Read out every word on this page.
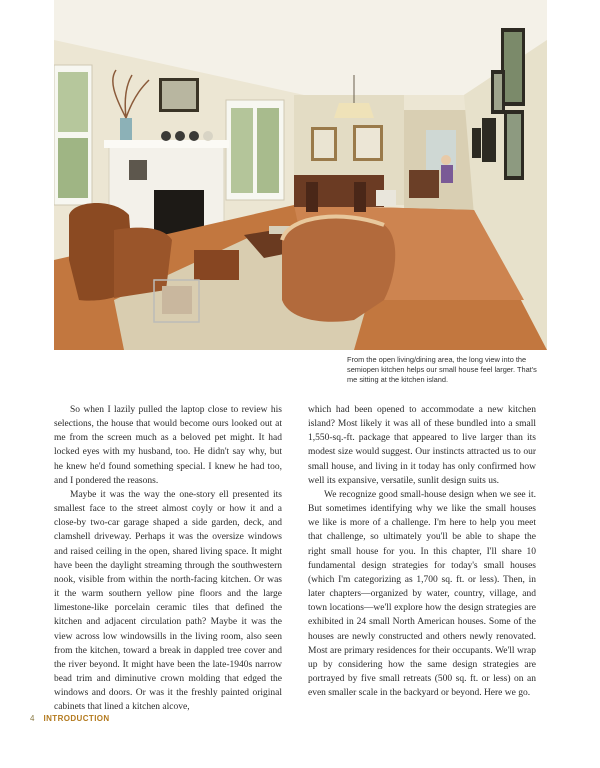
From the open living/dining area, the long view into the semiopen kitchen helps our small house feel larger. That's me sitting at the kitchen island.

So when I lazily pulled the laptop close to review his selections, the house that would become ours looked out at me from the screen much as a beloved pet might. It had locked eyes with my husband, too. He didn't say why, but he knew he'd found something special. I knew he had too, and I pondered the reasons.

Maybe it was the way the one-story ell presented its smallest face to the street almost coyly or how it and a close-by two-car garage shaped a side garden, deck, and clamshell driveway. Perhaps it was the oversize windows and raised ceiling in the open, shared living space. It might have been the daylight streaming through the southwestern nook, visible from within the north-facing kitchen. Or was it the warm southern yellow pine floors and the large limestone-like porcelain ceramic tiles that defined the kitchen and adjacent circulation path? Maybe it was the view across low windowsills in the living room, also seen from the kitchen, toward a break in dappled tree cover and the river beyond. It might have been the late-1940s narrow bead trim and diminutive crown molding that edged the windows and doors. Or was it the freshly painted original cabinets that lined a kitchen alcove,

which had been opened to accommodate a new kitchen island? Most likely it was all of these bundled into a small 1,550-sq.-ft. package that appeared to live larger than its modest size would suggest. Our instincts attracted us to our small house, and living in it today has only confirmed how well its expansive, versatile, sunlit design suits us.

We recognize good small-house design when we see it. But sometimes identifying why we like the small houses we like is more of a challenge. I'm here to help you meet that challenge, so ultimately you'll be able to shape the right small house for you. In this chapter, I'll share 10 fundamental design strategies for today's small houses (which I'm categorizing as 1,700 sq. ft. or less). Then, in later chapters—organized by water, country, village, and town locations—we'll explore how the design strategies are exhibited in 24 small North American houses. Some of the houses are newly constructed and others newly renovated. Most are primary residences for their occupants. We'll wrap up by considering how the same design strategies are portrayed by five small retreats (500 sq. ft. or less) on an even smaller scale in the backyard or beyond. Here we go.

4 INTRODUCTION
